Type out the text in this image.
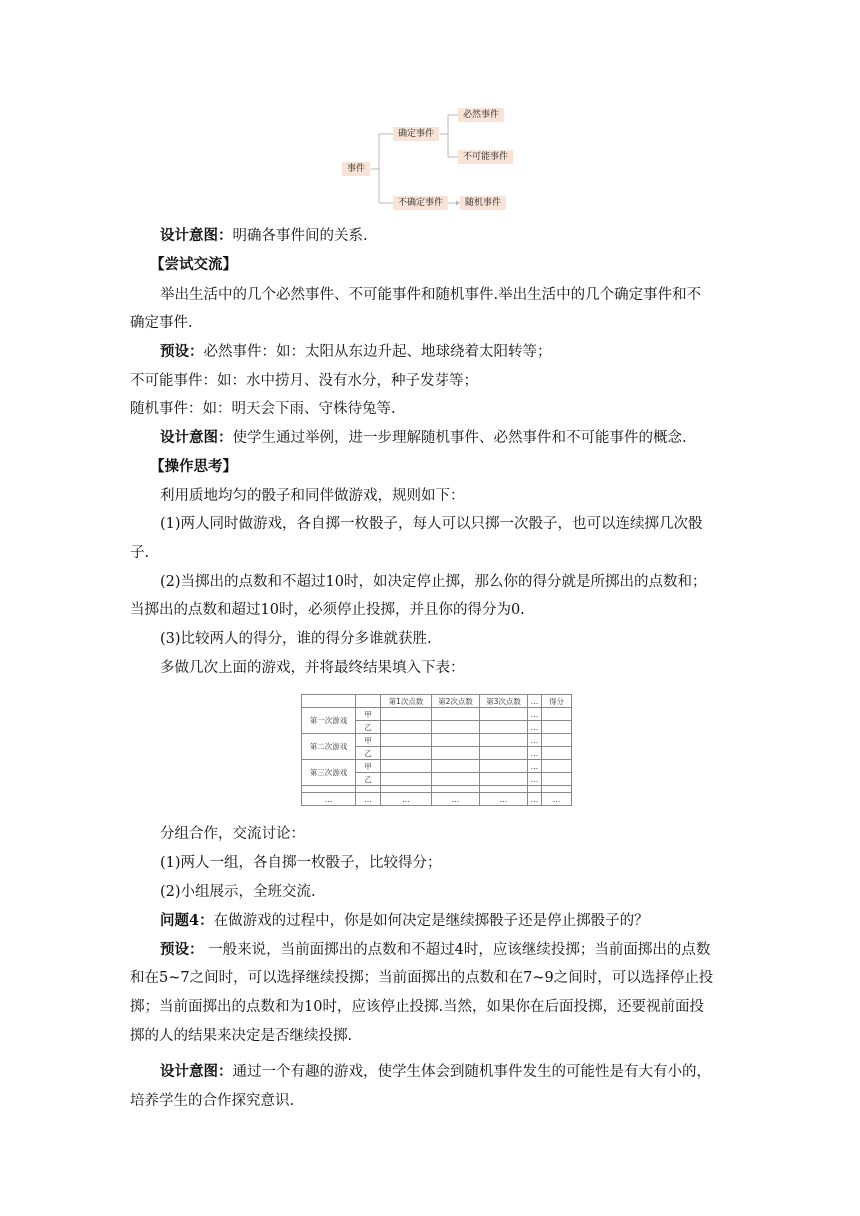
事件
确定事件
必然事件
不可能事件
不确定事件	随机事件
设计意图：明确各事件间的关系.
【尝试交流】
举出生活中的几个必然事件、不可能事件和随机事件.举出生活中的几个确定事件和不
确定事件.
预设：必然事件：如：太阳从东边升起、地球绕着太阳转等；
不可能事件：如：水中捞月、没有水分，种子发芽等；
随机事件：如：明天会下雨、守株待兔等.
设计意图：使学生通过举例，进一步理解随机事件、必然事件和不可能事件的概念.
【操作思考】
利用质地均匀的骰子和同伴做游戏，规则如下：
(1)两人同时做游戏，各自掷一枚骰子，每人可以只掷一次骰子，也可以连续掷几次骰
子.
(2)当掷出的点数和不超过10时，如决定停止掷，那么你的得分就是所掷出的点数和；
当掷出的点数和超过10时，必须停止投掷，并且你的得分为0.
(3)比较两人的得分，谁的得分多谁就获胜.
多做几次上面的游戏，并将最终结果填入下表：
		第1次点数	第2次点数	第3次点数	…	得分
第一次游戏	甲				…	
	乙				…	
第二次游戏	甲				…	
	乙				…	
第三次游戏	甲				…	
	乙				…	

…	…	…	…	…	…	…
分组合作，交流讨论：
(1)两人一组，各自掷一枚骰子，比较得分；
(2)小组展示，全班交流.
问题4：在做游戏的过程中，你是如何决定是继续掷骰子还是停止掷骰子的？
预设： 一般来说，当前面掷出的点数和不超过4时，应该继续投掷；当前面掷出的点数
和在5~7之间时，可以选择继续投掷；当前面掷出的点数和在7~9之间时，可以选择停止投
掷；当前面掷出的点数和为10时，应该停止投掷.当然，如果你在后面投掷，还要视前面投
掷的人的结果来决定是否继续投掷.
设计意图：通过一个有趣的游戏，使学生体会到随机事件发生的可能性是有大有小的，
培养学生的合作探究意识.
